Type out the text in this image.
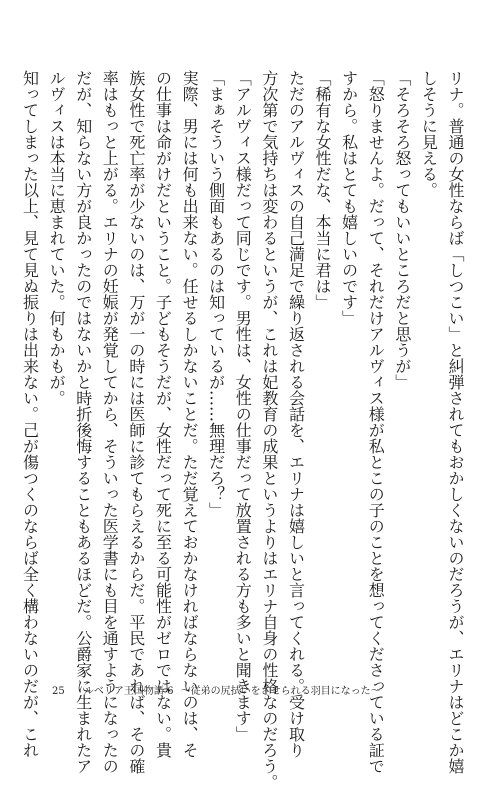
リナ。普通の女性ならば「しつこい」と糾弾されてもおかしくないのだろうが、エリナはどこか嬉
しそうに見える。
「そろそろ怒ってもいいところだと思うが」
「怒りませんよ。だって、それだけアルヴィス様が私とこの子のことを想ってくださっている証で
すから。私はとても嬉しいのです」
「稀有な女性だな、本当に君は」
ただのアルヴィスの自己満足で繰り返される会話を、エリナは嬉しいと言ってくれる。受け取り
方次第で気持ちは変わるというが、これは妃教育の成果というよりはエリナ自身の性格なのだろう。
「アルヴィス様だって同じです。男性は、女性の仕事だって放置される方も多いと聞きます」
「まぁそういう側面もあるのは知っているが……無理だろ？」
実際、男には何も出来ない。任せるしかないことだ。ただ覚えておかなければならないのは、そ
の仕事は命がけだということ。子どもそうだが、女性だって死に至る可能性がゼロではない。貴
族女性で死亡率が少ないのは、万が一の時には医師に診てもらえるからだ。平民であれば、その確
率はもっと上がる。エリナの妊娠が発覚してから、そういった医学書にも目を通すようになったの
だが、知らない方が良かったのではないかと時折後悔することもあるほどだ。公爵家に生まれたア
ルヴィスは本当に恵まれていた。何もかもが。
知ってしまった以上、見て見ぬ振りは出来ない。己が傷つくのならば全く構わないのだが、これ	25 ルベリア王国物語 6 〜従弟の尻拭いをさせられる羽目になった〜
